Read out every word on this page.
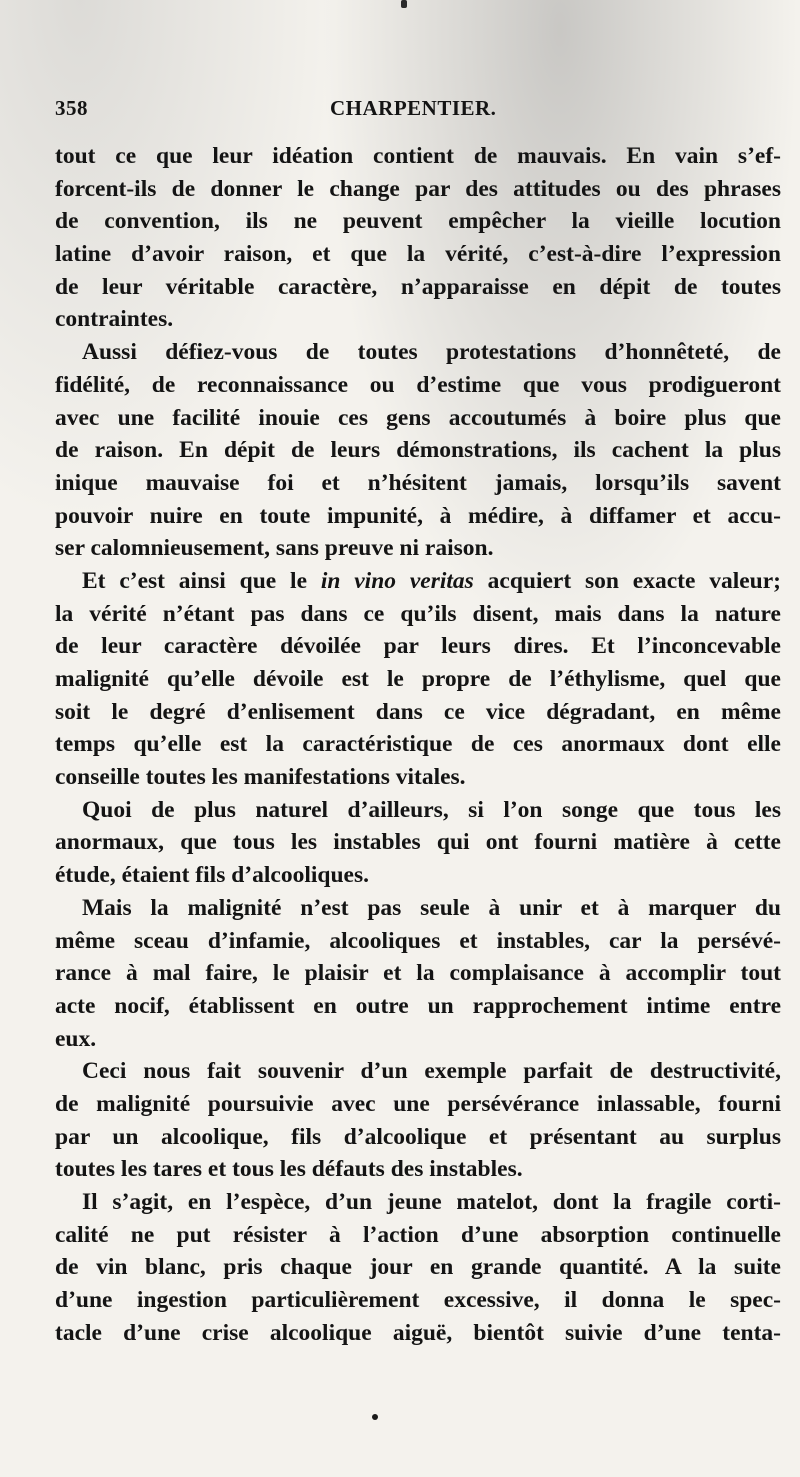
358	CHARPENTIER.
tout ce que leur idéation contient de mauvais. En vain s’ef-
forcent-ils de donner le change par des attitudes ou des phrases
de convention, ils ne peuvent empêcher la vieille locution
latine d’avoir raison, et que la vérité, c’est-à-dire l’expression
de leur véritable caractère, n’apparaisse en dépit de toutes
contraintes.
Aussi défiez-vous de toutes protestations d’honnêteté, de
fidélité, de reconnaissance ou d’estime que vous prodigueront
avec une facilité inouie ces gens accoutumés à boire plus que
de raison. En dépit de leurs démonstrations, ils cachent la plus
inique mauvaise foi et n’hésitent jamais, lorsqu’ils savent
pouvoir nuire en toute impunité, à médire, à diffamer et accu-
ser calomnieusement, sans preuve ni raison.
Et c’est ainsi que le in vino veritas acquiert son exacte valeur;
la vérité n’étant pas dans ce qu’ils disent, mais dans la nature
de leur caractère dévoilée par leurs dires. Et l’inconcevable
malignité qu’elle dévoile est le propre de l’éthylisme, quel que
soit le degré d’enlisement dans ce vice dégradant, en même
temps qu’elle est la caractéristique de ces anormaux dont elle
conseille toutes les manifestations vitales.
Quoi de plus naturel d’ailleurs, si l’on songe que tous les
anormaux, que tous les instables qui ont fourni matière à cette
étude, étaient fils d’alcooliques.
Mais la malignité n’est pas seule à unir et à marquer du
même sceau d’infamie, alcooliques et instables, car la persévé-
rance à mal faire, le plaisir et la complaisance à accomplir tout
acte nocif, établissent en outre un rapprochement intime entre
eux.
Ceci nous fait souvenir d’un exemple parfait de destructivité,
de malignité poursuivie avec une persévérance inlassable, fourni
par un alcoolique, fils d’alcoolique et présentant au surplus
toutes les tares et tous les défauts des instables.
Il s’agit, en l’espèce, d’un jeune matelot, dont la fragile corti-
calité ne put résister à l’action d’une absorption continuelle
de vin blanc, pris chaque jour en grande quantité. A la suite
d’une ingestion particulièrement excessive, il donna le spec-
tacle d’une crise alcoolique aiguë, bientôt suivie d’une tenta-
